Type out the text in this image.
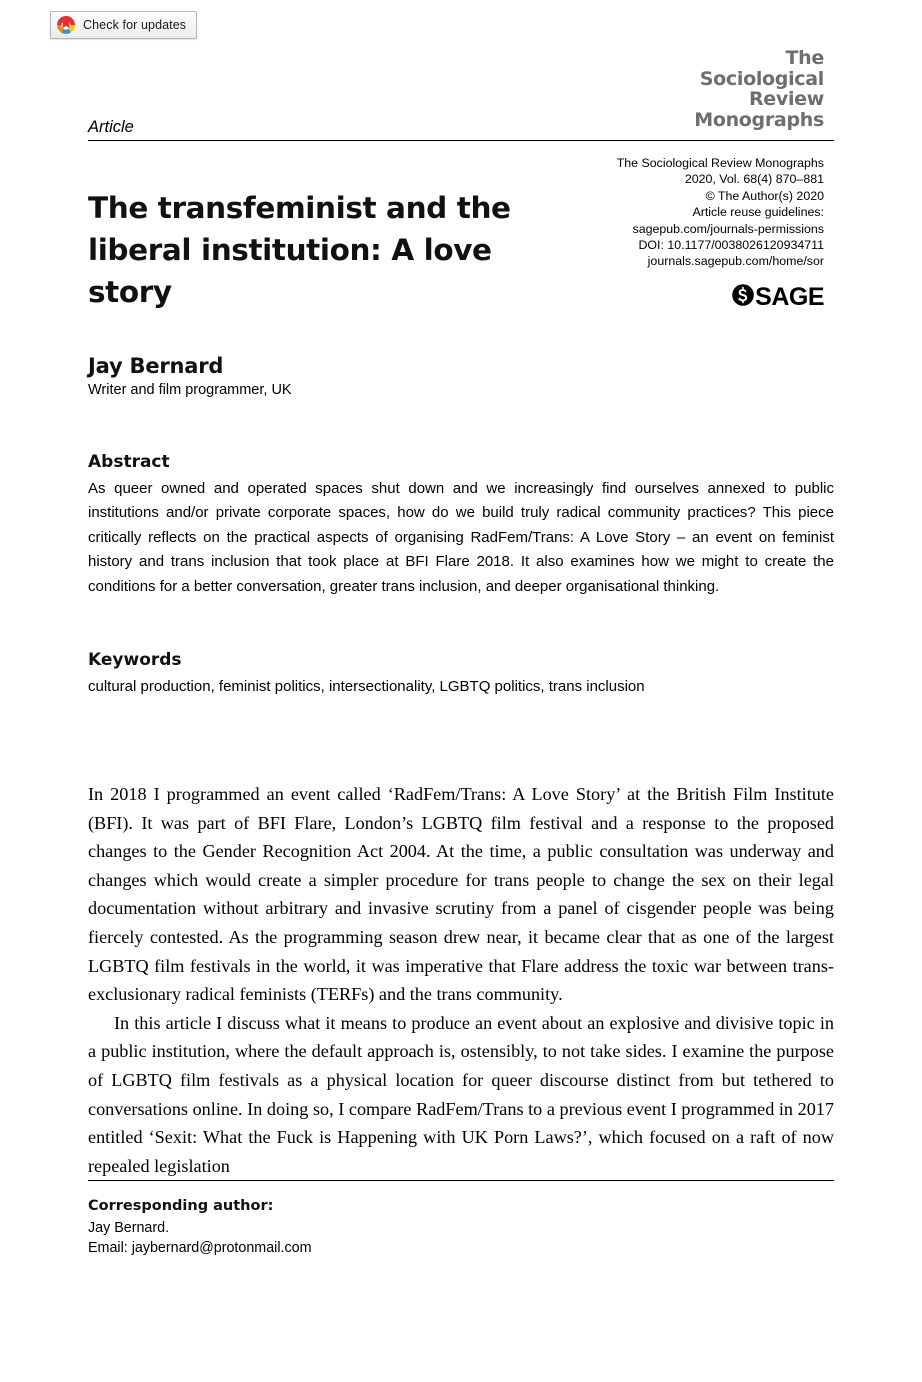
Check for updates
The
Sociological
Review
Monographs
Article
The transfeminist and the liberal institution: A love story
The Sociological Review Monographs
2020, Vol. 68(4) 870–881
© The Author(s) 2020
Article reuse guidelines:
sagepub.com/journals-permissions
DOI: 10.1177/0038026120934711
journals.sagepub.com/home/sor
SAGE
Jay Bernard
Writer and film programmer, UK
Abstract
As queer owned and operated spaces shut down and we increasingly find ourselves annexed to public institutions and/or private corporate spaces, how do we build truly radical community practices? This piece critically reflects on the practical aspects of organising RadFem/Trans: A Love Story – an event on feminist history and trans inclusion that took place at BFI Flare 2018. It also examines how we might to create the conditions for a better conversation, greater trans inclusion, and deeper organisational thinking.
Keywords
cultural production, feminist politics, intersectionality, LGBTQ politics, trans inclusion

In 2018 I programmed an event called ‘RadFem/Trans: A Love Story’ at the British Film Institute (BFI). It was part of BFI Flare, London’s LGBTQ film festival and a response to the proposed changes to the Gender Recognition Act 2004. At the time, a public consultation was underway and changes which would create a simpler procedure for trans people to change the sex on their legal documentation without arbitrary and invasive scrutiny from a panel of cisgender people was being fiercely contested. As the programming season drew near, it became clear that as one of the largest LGBTQ film festivals in the world, it was imperative that Flare address the toxic war between trans-exclusionary radical feminists (TERFs) and the trans community.

In this article I discuss what it means to produce an event about an explosive and divisive topic in a public institution, where the default approach is, ostensibly, to not take sides. I examine the purpose of LGBTQ film festivals as a physical location for queer discourse distinct from but tethered to conversations online. In doing so, I compare RadFem/Trans to a previous event I programmed in 2017 entitled ‘Sexit: What the Fuck is Happening with UK Porn Laws?’, which focused on a raft of now repealed legislation

Corresponding author:
Jay Bernard.
Email: jaybernard@protonmail.com
